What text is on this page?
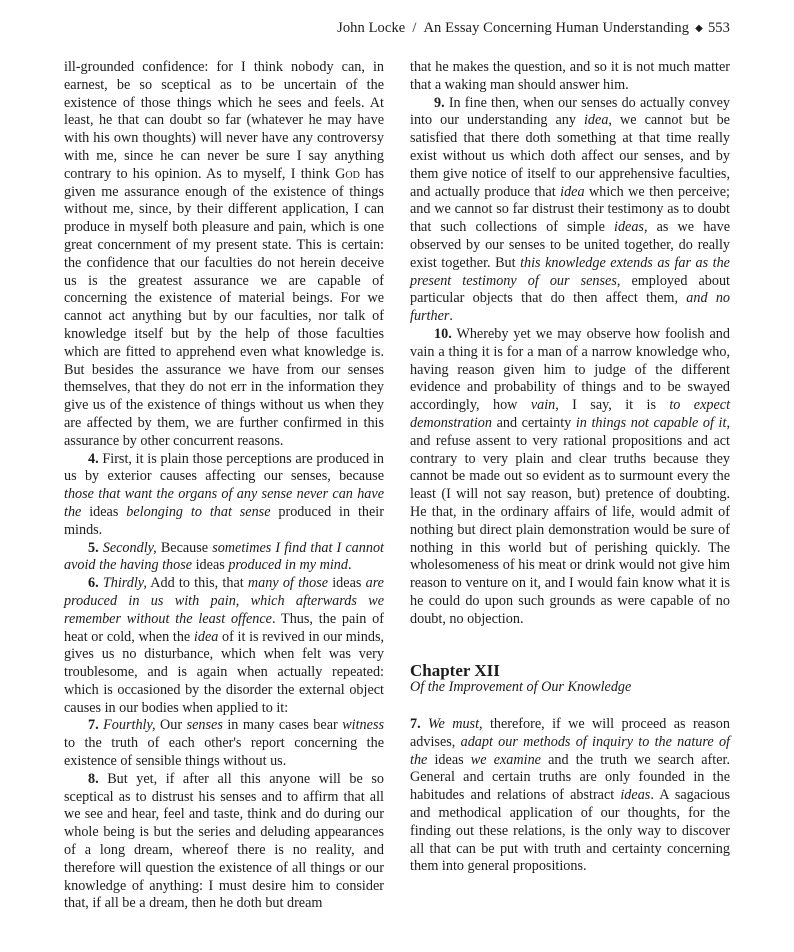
John Locke / An Essay Concerning Human Understanding ◆ 553

ill-grounded confidence: for I think nobody can, in earnest, be so sceptical as to be uncertain of the existence of those things which he sees and feels. At least, he that can doubt so far (whatever he may have with his own thoughts) will never have any controversy with me, since he can never be sure I say anything contrary to his opinion. As to myself, I think God has given me assurance enough of the existence of things without me, since, by their different application, I can produce in myself both pleasure and pain, which is one great concernment of my present state. This is certain: the confidence that our faculties do not herein deceive us is the greatest assurance we are capable of concerning the existence of material beings. For we cannot act anything but by our faculties, nor talk of knowledge itself but by the help of those faculties which are fitted to apprehend even what knowledge is. But besides the assurance we have from our senses themselves, that they do not err in the information they give us of the existence of things without us when they are affected by them, we are further confirmed in this assurance by other concurrent reasons.

4. First, it is plain those perceptions are produced in us by exterior causes affecting our senses, because those that want the organs of any sense never can have the ideas belonging to that sense produced in their minds.

5. Secondly, Because sometimes I find that I cannot avoid the having those ideas produced in my mind.

6. Thirdly, Add to this, that many of those ideas are produced in us with pain, which afterwards we remember without the least offence. Thus, the pain of heat or cold, when the idea of it is revived in our minds, gives us no disturbance, which when felt was very troublesome, and is again when actually repeated: which is occasioned by the disorder the external object causes in our bodies when applied to it:

7. Fourthly, Our senses in many cases bear witness to the truth of each other's report concerning the existence of sensible things without us.

8. But yet, if after all this anyone will be so sceptical as to distrust his senses and to affirm that all we see and hear, feel and taste, think and do during our whole being is but the series and deluding appearances of a long dream, whereof there is no reality, and therefore will question the existence of all things or our knowledge of anything: I must desire him to consider that, if all be a dream, then he doth but dream

that he makes the question, and so it is not much matter that a waking man should answer him.

9. In fine then, when our senses do actually convey into our understanding any idea, we cannot but be satisfied that there doth something at that time really exist without us which doth affect our senses, and by them give notice of itself to our apprehensive faculties, and actually produce that idea which we then perceive; and we cannot so far distrust their testimony as to doubt that such collections of simple ideas, as we have observed by our senses to be united together, do really exist together. But this knowledge extends as far as the present testimony of our senses, employed about particular objects that do then affect them, and no further.

10. Whereby yet we may observe how foolish and vain a thing it is for a man of a narrow knowledge who, having reason given him to judge of the different evidence and probability of things and to be swayed accordingly, how vain, I say, it is to expect demonstration and certainty in things not capable of it, and refuse assent to very rational propositions and act contrary to very plain and clear truths because they cannot be made out so evident as to surmount every the least (I will not say reason, but) pretence of doubting. He that, in the ordinary affairs of life, would admit of nothing but direct plain demonstration would be sure of nothing in this world but of perishing quickly. The wholesomeness of his meat or drink would not give him reason to venture on it, and I would fain know what it is he could do upon such grounds as were capable of no doubt, no objection.

Chapter XII

Of the Improvement of Our Knowledge

7. We must, therefore, if we will proceed as reason advises, adapt our methods of inquiry to the nature of the ideas we examine and the truth we search after. General and certain truths are only founded in the habitudes and relations of abstract ideas. A sagacious and methodical application of our thoughts, for the finding out these relations, is the only way to discover all that can be put with truth and certainty concerning them into general propositions.
